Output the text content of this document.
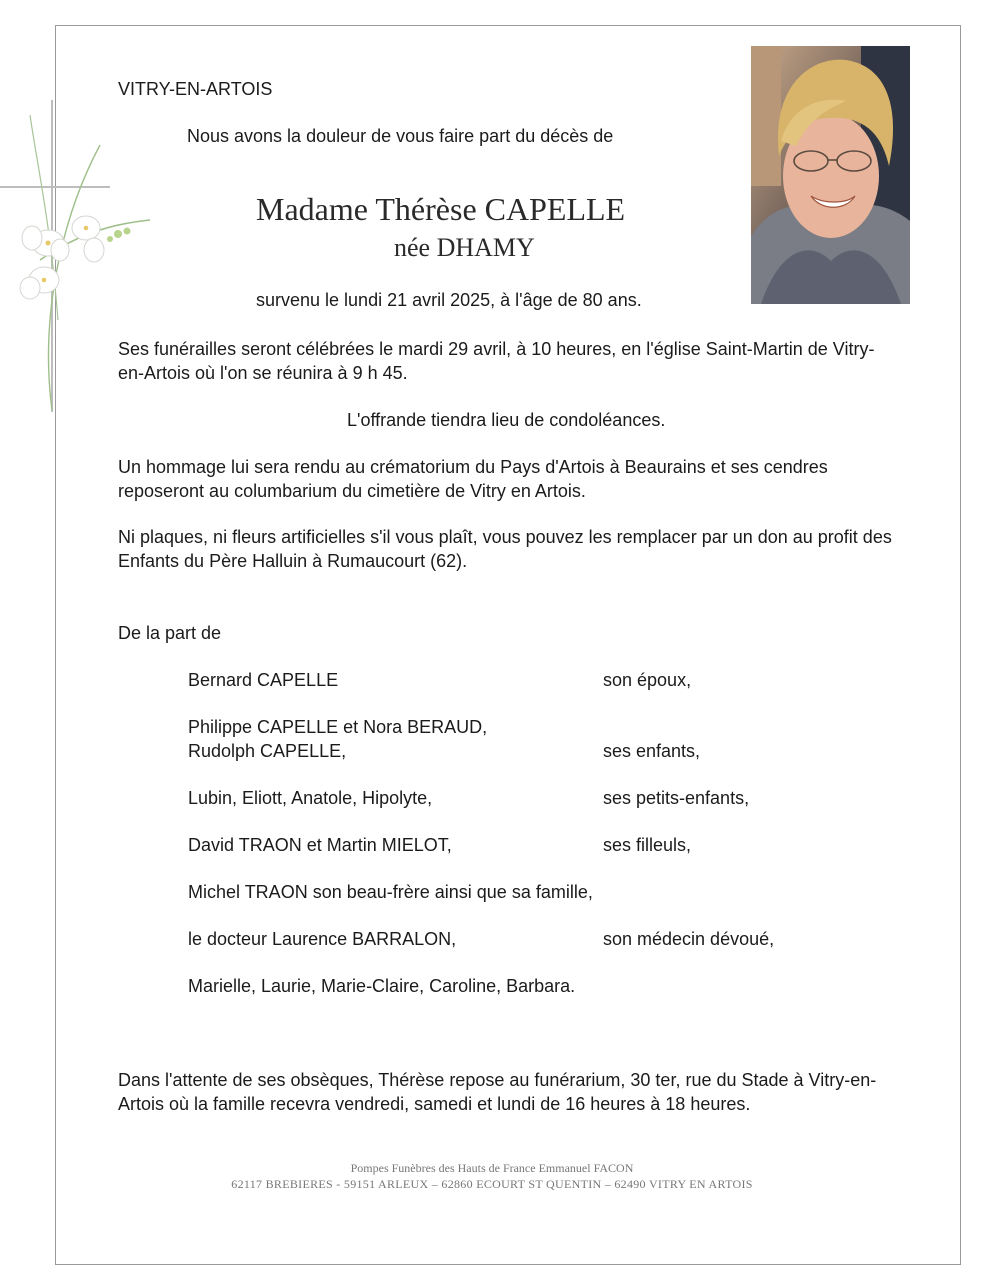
VITRY-EN-ARTOIS
Nous avons la douleur de vous faire part du décès de
Madame Thérèse CAPELLE
née DHAMY
survenu le lundi 21 avril 2025, à l'âge de 80 ans.
Ses funérailles seront célébrées le mardi 29 avril, à 10 heures, en l'église Saint-Martin de Vitry-en-Artois où l'on se réunira à 9 h 45.
L'offrande tiendra lieu de condoléances.
Un hommage lui sera rendu au crématorium du Pays d'Artois à Beaurains et ses cendres reposeront au columbarium du cimetière de Vitry en Artois.
Ni plaques, ni fleurs artificielles s'il vous plaît, vous pouvez les remplacer par un don au profit des Enfants du Père Halluin à Rumaucourt (62).
De la part de
Bernard CAPELLE	son époux,
Philippe CAPELLE et Nora BERAUD,
Rudolph CAPELLE,	ses enfants,
Lubin, Eliott, Anatole, Hipolyte,	ses petits-enfants,
David TRAON et Martin MIELOT,	ses filleuls,
Michel TRAON son beau-frère ainsi que sa famille,
le docteur Laurence BARRALON,	son médecin dévoué,
Marielle, Laurie, Marie-Claire, Caroline, Barbara.
Dans l'attente de ses obsèques, Thérèse repose au funérarium, 30 ter, rue du Stade à Vitry-en-Artois où la famille recevra vendredi, samedi et lundi de 16 heures à 18 heures.
Pompes Funèbres des Hauts de France Emmanuel FACON
62117 BREBIERES - 59151 ARLEUX – 62860 ECOURT ST QUENTIN – 62490 VITRY EN ARTOIS
